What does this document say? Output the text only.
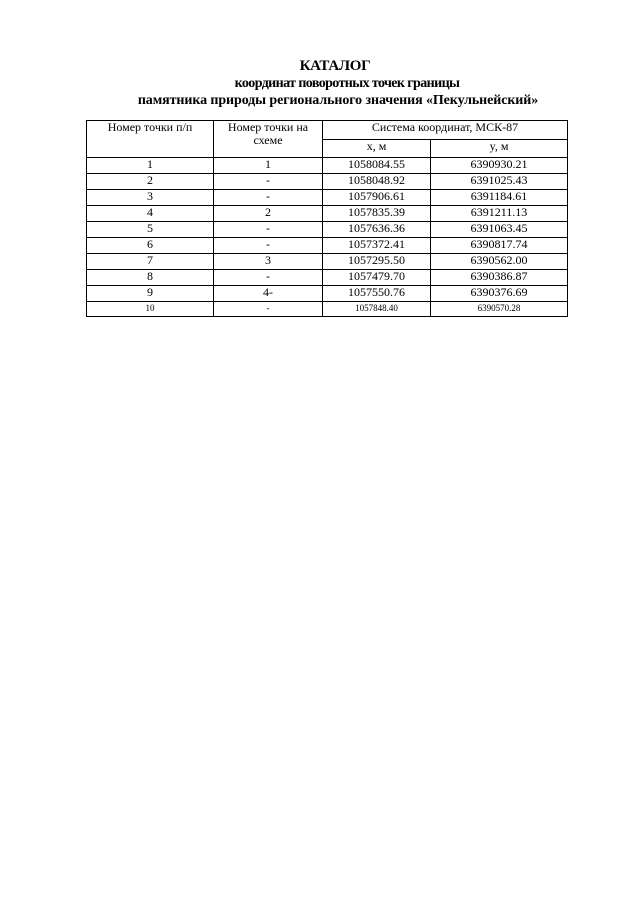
КАТАЛОГ
координат поворотных точек границы
памятника природы регионального значения «Пекульнейский»
Номер точки п/п	Номер точки на схеме	Система координат, МСК-87	
		x, м	y, м
1	1	1058084.55	6390930.21
2	-	1058048.92	6391025.43
3	-	1057906.61	6391184.61
4	2	1057835.39	6391211.13
5	-	1057636.36	6391063.45
6	-	1057372.41	6390817.74
7	3	1057295.50	6390562.00
8	-	1057479.70	6390386.87
9	4-	1057550.76	6390376.69
10	-	1057848.40	6390570.28
